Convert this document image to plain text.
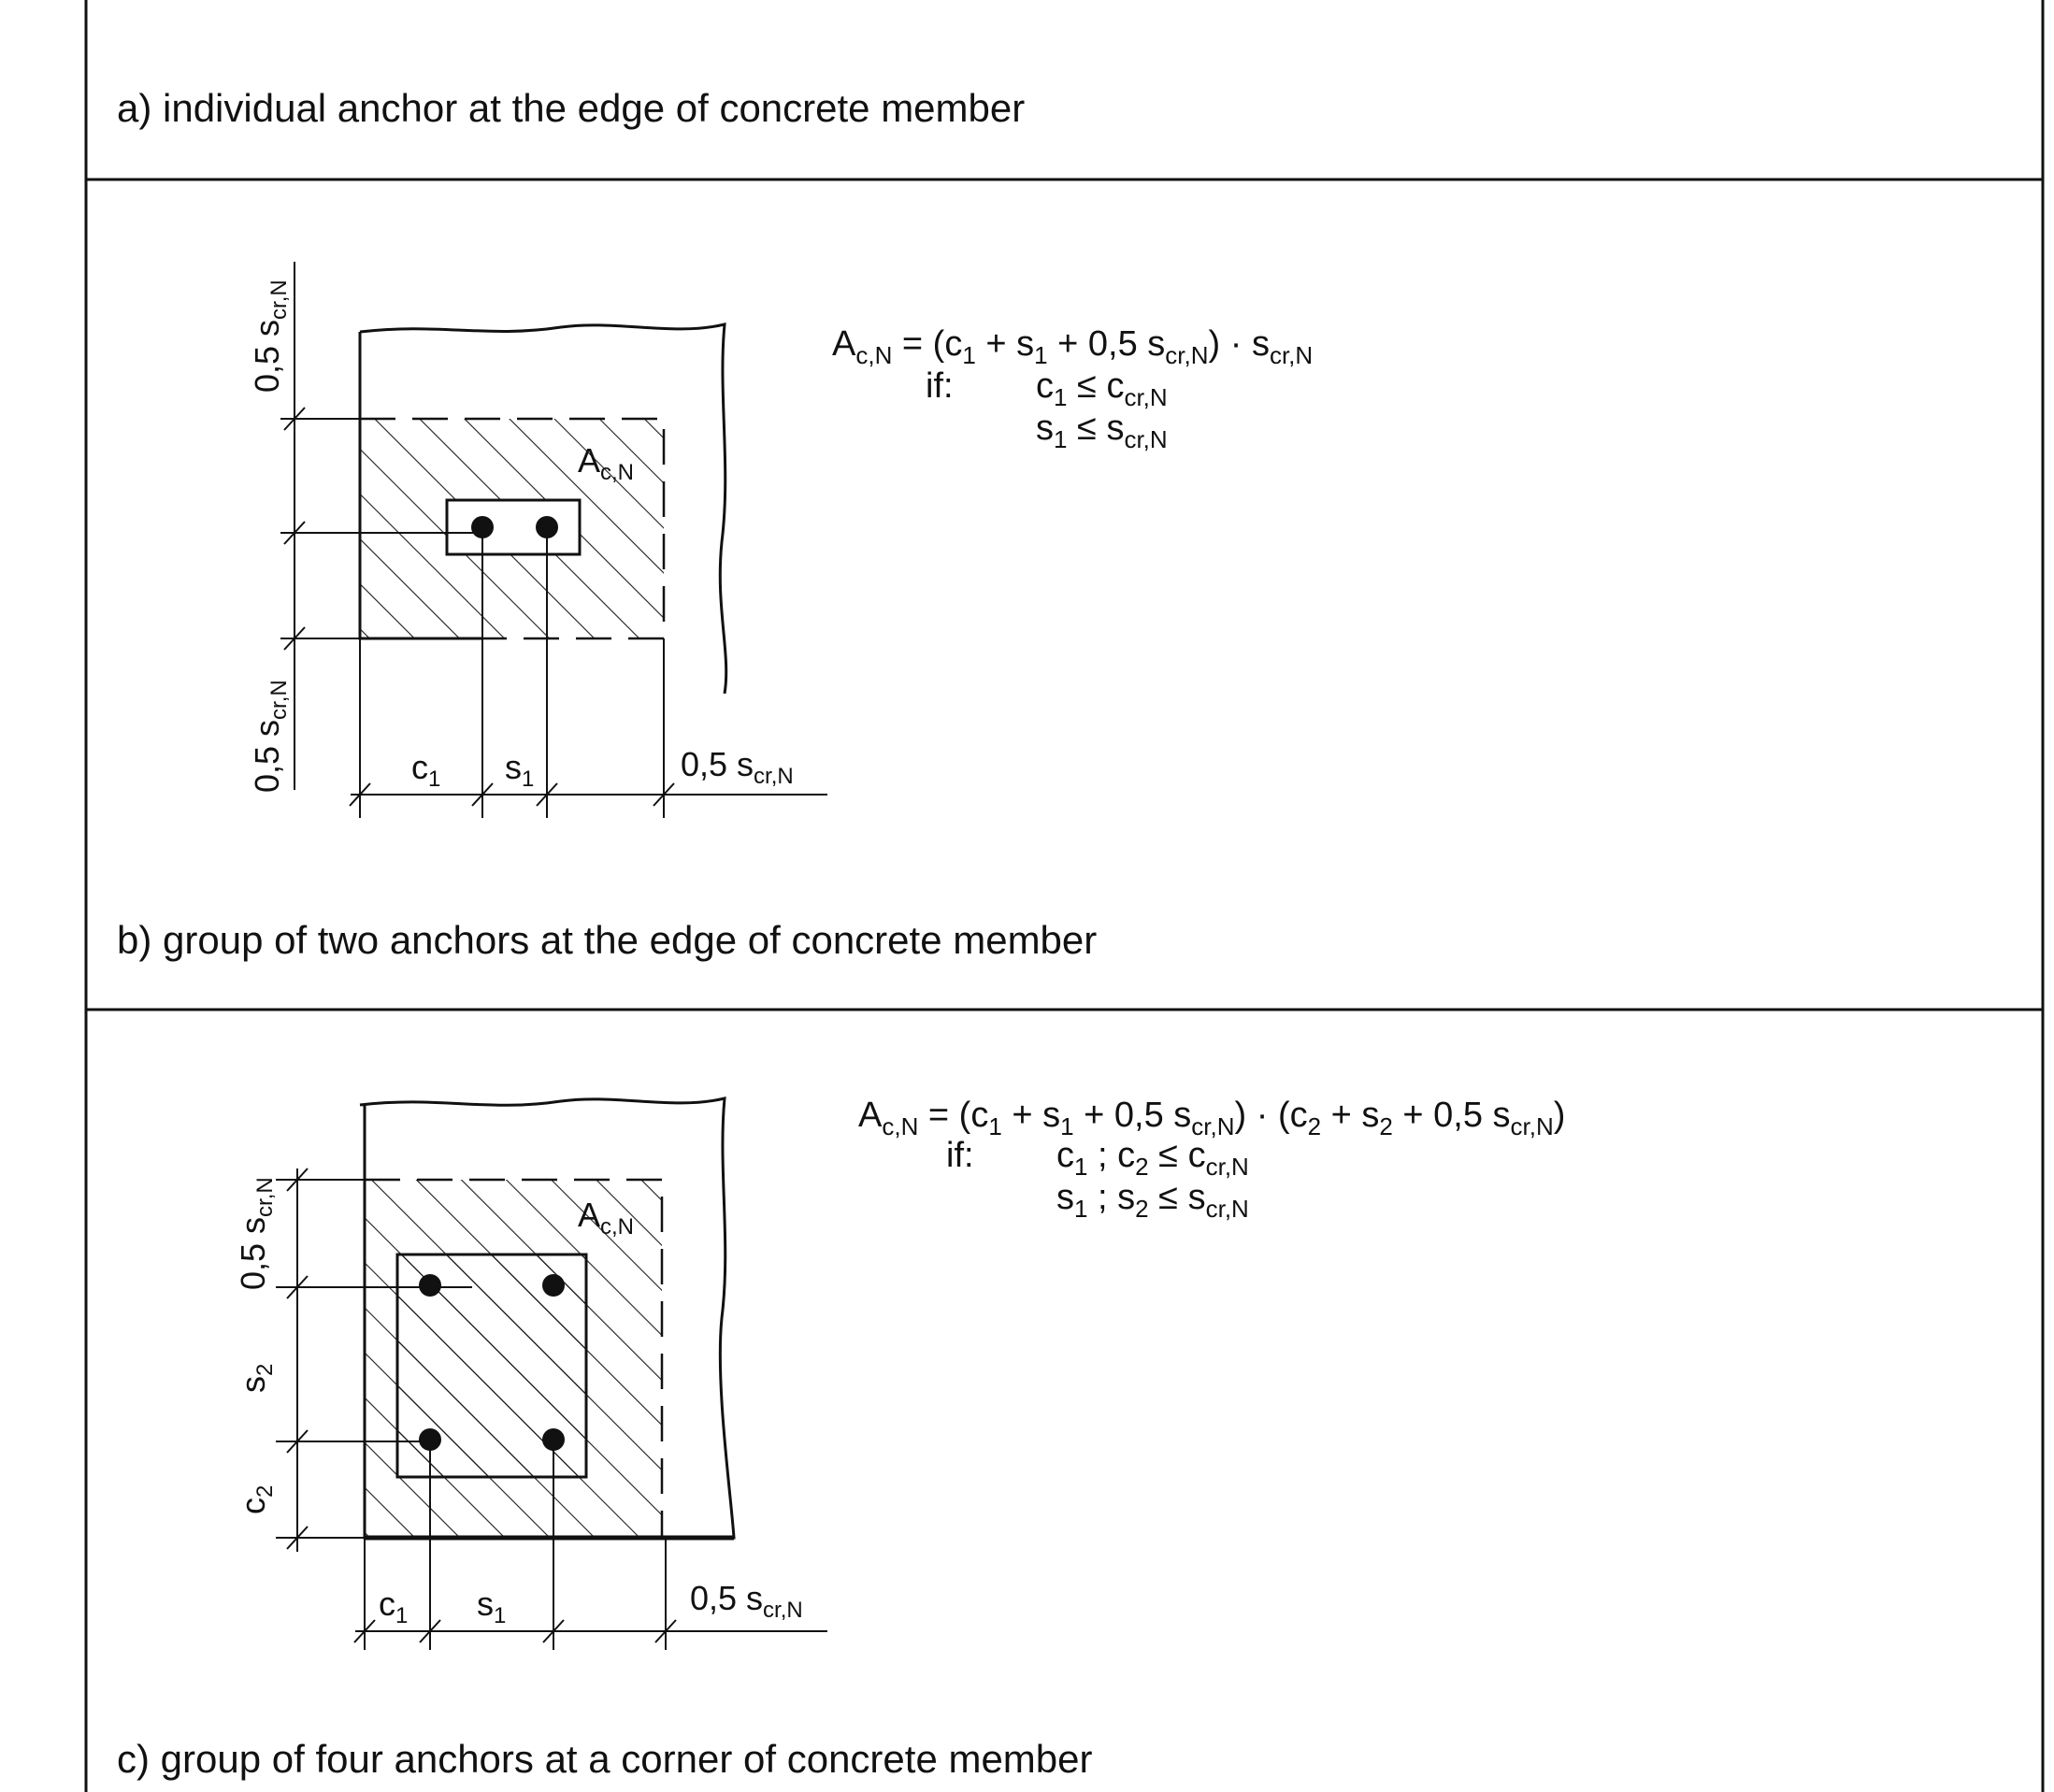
$A_{c,N}$
0,5 $s_{cr,N}$
0,5 $s_{cr,N}$
$c_1$ $s_1$	0,5 $s_{cr,N}$
$A_{c,N} = (c_1 + s_1 + 0,5$ $s_{cr,N}) \cdot s_{cr,N}$
if: $c_1 \le c_{cr,N}$
$s_1 \le s_{cr,N}$
$A_{c,N}$
0,5 $s_{cr,N}$
$s_2$
$c_2$
$c_1$ $s_1$	0,5 $s_{cr,N}$
$A_{c,N} = (c_1 + s_1 + 0,5$ $s_{cr,N}) \cdot (c_2 + s_2 + 0,5$ $s_{cr,N}$)
if: $c_1$ ; $c_2 \le c_{cr,N}$
$s_1$ ; $s_2 \le s_{cr,N}$
a) individual anchor at the edge of concrete member
b) group of two anchors at the edge of concrete member
c) group of four anchors at a corner of concrete member
